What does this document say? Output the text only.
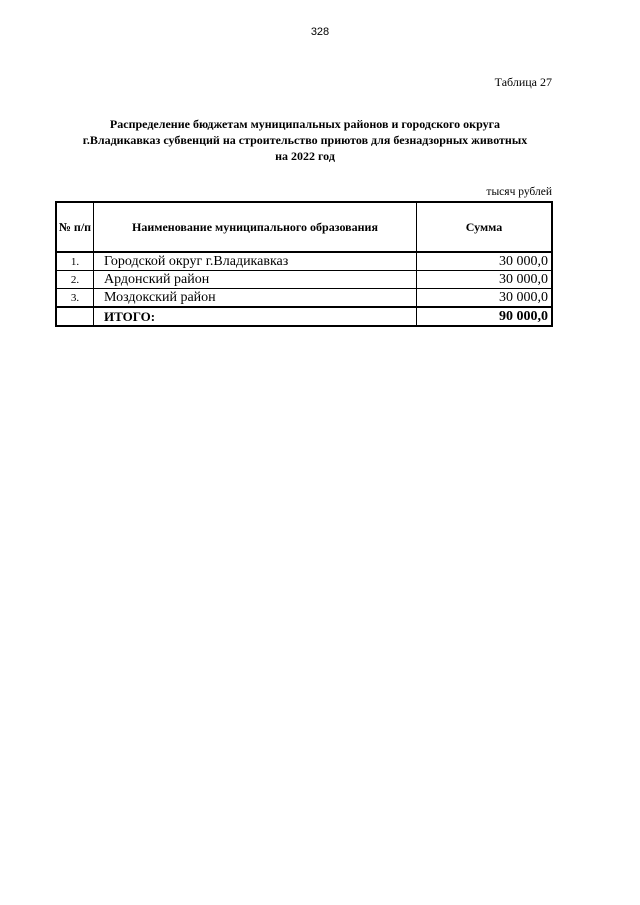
328
Таблица 27
Распределение бюджетам муниципальных районов и городского округа
г.Владикавказ субвенций на строительство приютов для безнадзорных животных
на 2022 год
тысяч рублей
№ п/п	Наименование муниципального образования	Сумма
1.	Городской округ г.Владикавказ	30 000,0
2.	Ардонский район	30 000,0
3.	Моздокский район	30 000,0
	ИТОГО:	90 000,0
